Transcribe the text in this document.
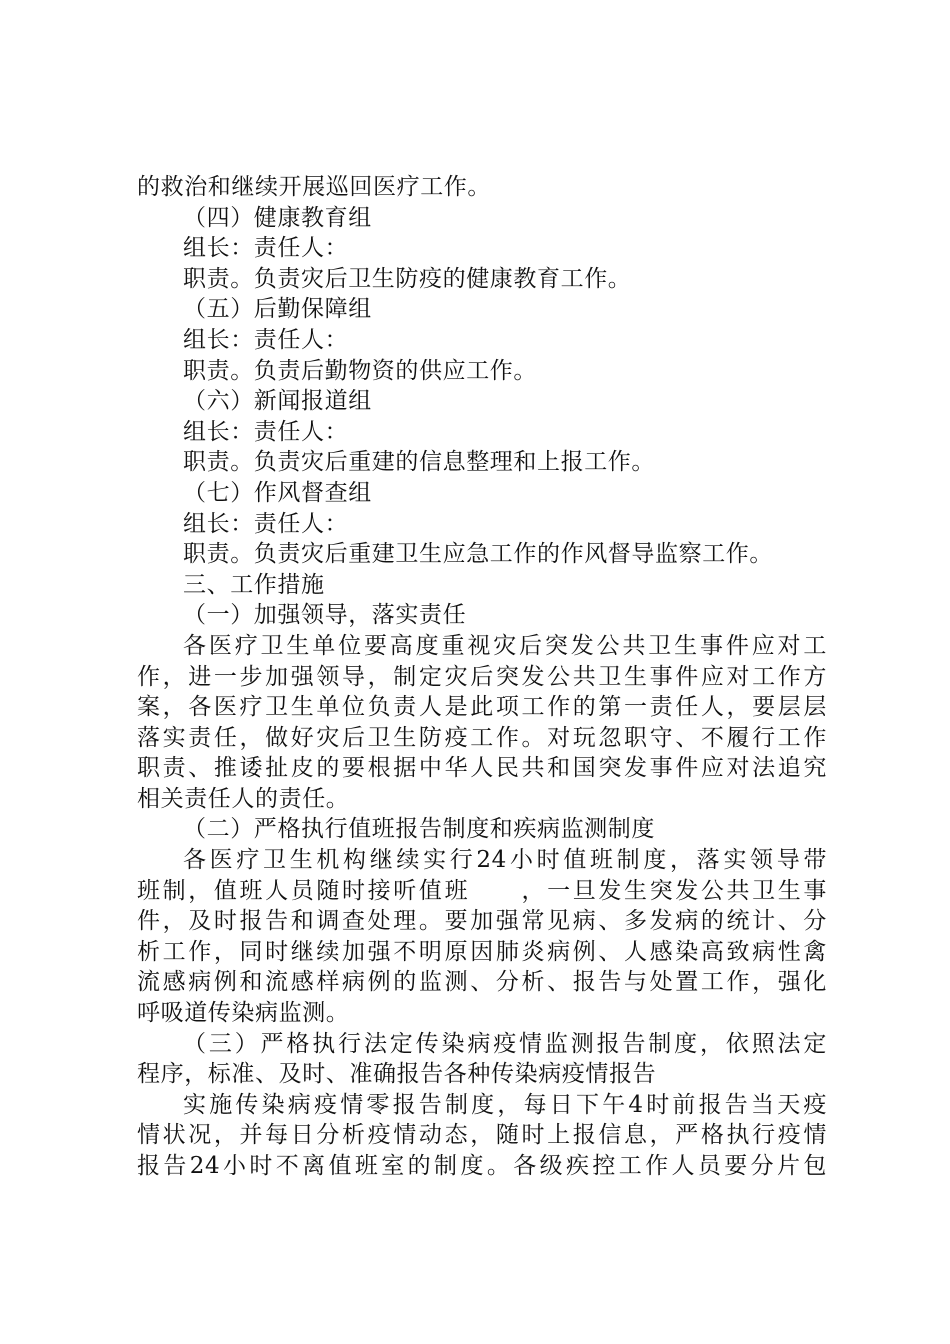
的救治和继续开展巡回医疗工作。
（四）健康教育组
组长：责任人：
职责。负责灾后卫生防疫的健康教育工作。
（五）后勤保障组
组长：责任人：
职责。负责后勤物资的供应工作。
（六）新闻报道组
组长：责任人：
职责。负责灾后重建的信息整理和上报工作。
（七）作风督查组
组长：责任人：
职责。负责灾后重建卫生应急工作的作风督导监察工作。
三、工作措施
（一）加强领导，落实责任
各医疗卫生单位要高度重视灾后突发公共卫生事件应对工
作，进一步加强领导，制定灾后突发公共卫生事件应对工作方
案，各医疗卫生单位负责人是此项工作的第一责任人，要层层
落实责任，做好灾后卫生防疫工作。对玩忽职守、不履行工作
职责、推诿扯皮的要根据中华人民共和国突发事件应对法追究
相关责任人的责任。
（二）严格执行值班报告制度和疾病监测制度
各医疗卫生机构继续实行24小时值班制度，落实领导带
班制，值班人员随时接听值班　　，一旦发生突发公共卫生事
件，及时报告和调查处理。要加强常见病、多发病的统计、分
析工作，同时继续加强不明原因肺炎病例、人感染高致病性禽
流感病例和流感样病例的监测、分析、报告与处置工作，强化
呼吸道传染病监测。
（三）严格执行法定传染病疫情监测报告制度，依照法定
程序，标准、及时、准确报告各种传染病疫情报告
实施传染病疫情零报告制度，每日下午4时前报告当天疫
情状况，并每日分析疫情动态，随时上报信息，严格执行疫情
报告24小时不离值班室的制度。各级疾控工作人员要分片包
